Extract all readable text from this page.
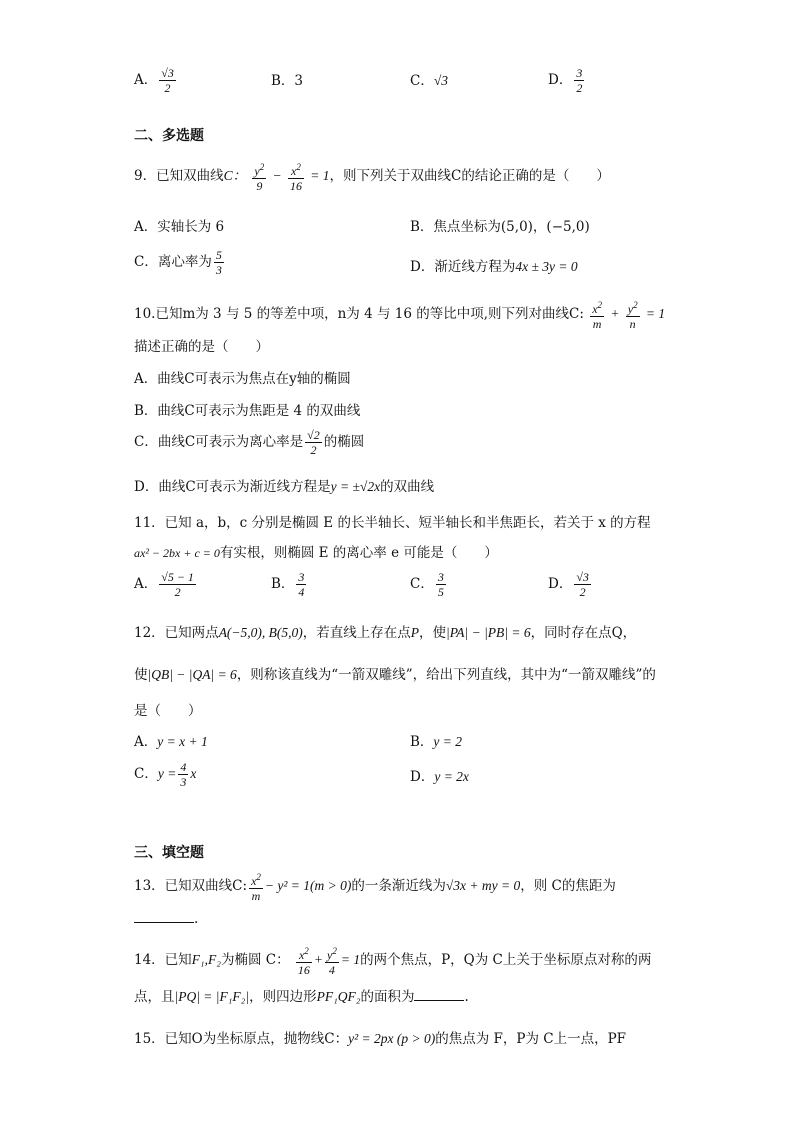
A． $\frac{√3}{2}$	B．3	C．√3	D． $\frac{3}{2}$
二、多选题
9．已知双曲线C： $\frac{y^2}{9} - \frac{x^2}{16} = 1$，则下列关于双曲线C的结论正确的是（　　）
A．实轴长为 6	B．焦点坐标为(5,0)，(−5,0)
C．离心率为 $\frac{5}{3}$	D．渐近线方程为4x ± 3y = 0
10.已知m为 3 与 5 的等差中项，n为 4 与 16 的等比中项,则下列对曲线C: $\frac{x^2}{m} + \frac{y^2}{n} = 1$
描述正确的是（　　）
A．曲线C可表示为焦点在y轴的椭圆
B．曲线C可表示为焦距是 4 的双曲线
C．曲线C可表示为离心率是 $\frac{√2}{2}$ 的椭圆
D．曲线C可表示为渐近线方程是y = ±√2x的双曲线
11．已知 a，b，c 分别是椭圆 E 的长半轴长、短半轴长和半焦距长，若关于 x 的方程
ax² − 2bx + c = 0有实根，则椭圆 E 的离心率 e 可能是（　　）
A． $\frac{√5 - 1}{2}$	B． $\frac{3}{4}$	C． $\frac{3}{5}$	D． $\frac{√3}{2}$
12．已知两点A(−5,0), B(5,0)，若直线上存在点P，使|PA| − |PB| = 6，同时存在点Q，
使|QB| − |QA| = 6，则称该直线为“一箭双雕线”，给出下列直线，其中为“一箭双雕线”的
是（　　）
A．y = x + 1	B．y = 2
C．$y = \frac{4}{3}$ x	D．y = 2x
三、填空题
13．已知双曲线C: $\frac{x^2}{m} - y^2 = 1(m > 0)$的一条渐近线为√3x + my = 0，则 C的焦距为
.
14．已知F₁,F₂为椭圆 C： $\frac{x^2}{16} + \frac{y^2}{4} = 1$的两个焦点，P，Q为 C上关于坐标原点对称的两
点，且|PQ| = |F₁F₂|，则四边形PF₁QF₂的面积为	.
15．已知O为坐标原点，抛物线C：y² = 2px (p > 0)的焦点为 F，P为 C上一点，PF
